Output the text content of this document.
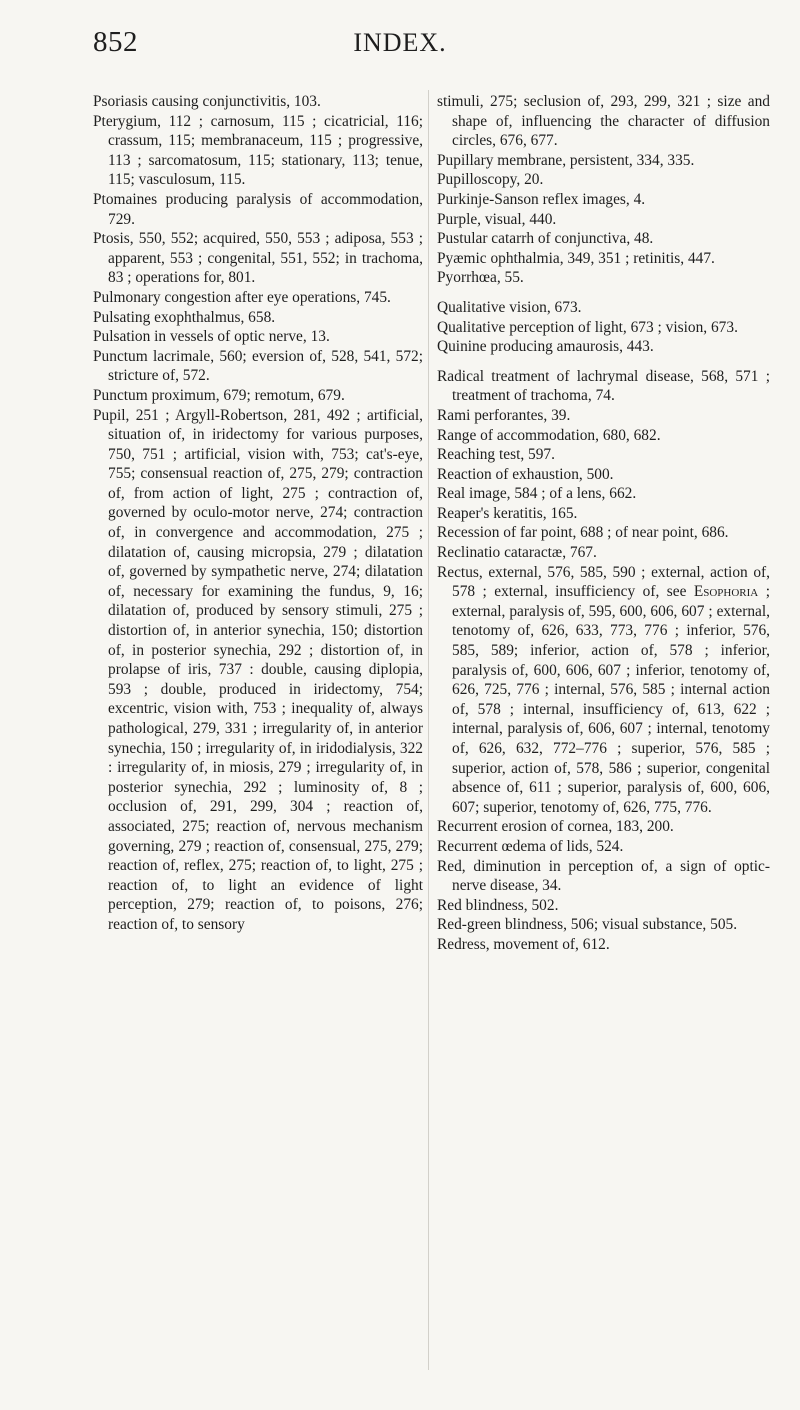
852	INDEX.
Psoriasis causing conjunctivitis, 103.
Pterygium, 112 ; carnosum, 115 ; cicatricial, 116; crassum, 115; membranaceum, 115 ; progressive, 113 ; sarcomatosum, 115; stationary, 113; tenue, 115; vasculosum, 115.
Ptomaines producing paralysis of accommodation, 729.
Ptosis, 550, 552; acquired, 550, 553 ; adiposa, 553 ; apparent, 553 ; congenital, 551, 552; in trachoma, 83 ; operations for, 801.
Pulmonary congestion after eye operations, 745.
Pulsating exophthalmus, 658.
Pulsation in vessels of optic nerve, 13.
Punctum lacrimale, 560; eversion of, 528, 541, 572; stricture of, 572.
Punctum proximum, 679; remotum, 679.
Pupil, 251 ; Argyll-Robertson, 281, 492 ; artificial, situation of, in iridectomy for various purposes, 750, 751 ; artificial, vision with, 753; cat's-eye, 755; consensual reaction of, 275, 279; contraction of, from action of light, 275 ; contraction of, governed by oculo-motor nerve, 274; contraction of, in convergence and accommodation, 275 ; dilatation of, causing micropsia, 279 ; dilatation of, governed by sympathetic nerve, 274; dilatation of, necessary for examining the fundus, 9, 16; dilatation of, produced by sensory stimuli, 275 ; distortion of, in anterior synechia, 150; distortion of, in posterior synechia, 292 ; distortion of, in prolapse of iris, 737 : double, causing diplopia, 593 ; double, produced in iridectomy, 754; excentric, vision with, 753 ; inequality of, always pathological, 279, 331 ; irregularity of, in anterior synechia, 150 ; irregularity of, in iridodialysis, 322 : irregularity of, in miosis, 279 ; irregularity of, in posterior synechia, 292 ; luminosity of, 8 ; occlusion of, 291, 299, 304 ; reaction of, associated, 275; reaction of, nervous mechanism governing, 279 ; reaction of, consensual, 275, 279; reaction of, reflex, 275; reaction of, to light, 275 ; reaction of, to light an evidence of light perception, 279; reaction of, to poisons, 276; reaction of, to sensory
stimuli, 275; seclusion of, 293, 299, 321 ; size and shape of, influencing the character of diffusion circles, 676, 677.
Pupillary membrane, persistent, 334, 335.
Pupilloscopy, 20.
Purkinje-Sanson reflex images, 4.
Purple, visual, 440.
Pustular catarrh of conjunctiva, 48.
Pyæmic ophthalmia, 349, 351 ; retinitis, 447.
Pyorrhœa, 55.
Qualitative vision, 673.
Qualitative perception of light, 673 ; vision, 673.
Quinine producing amaurosis, 443.
Radical treatment of lachrymal disease, 568, 571 ; treatment of trachoma, 74.
Rami perforantes, 39.
Range of accommodation, 680, 682.
Reaching test, 597.
Reaction of exhaustion, 500.
Real image, 584 ; of a lens, 662.
Reaper's keratitis, 165.
Recession of far point, 688 ; of near point, 686.
Reclinatio cataractæ, 767.
Rectus, external, 576, 585, 590 ; external, action of, 578 ; external, insufficiency of, see Esophoria ; external, paralysis of, 595, 600, 606, 607 ; external, tenotomy of, 626, 633, 773, 776 ; inferior, 576, 585, 589; inferior, action of, 578 ; inferior, paralysis of, 600, 606, 607 ; inferior, tenotomy of, 626, 725, 776 ; internal, 576, 585 ; internal action of, 578 ; internal, insufficiency of, 613, 622 ; internal, paralysis of, 606, 607 ; internal, tenotomy of, 626, 632, 772–776 ; superior, 576, 585 ; superior, action of, 578, 586 ; superior, congenital absence of, 611 ; superior, paralysis of, 600, 606, 607; superior, tenotomy of, 626, 775, 776.
Recurrent erosion of cornea, 183, 200.
Recurrent œdema of lids, 524.
Red, diminution in perception of, a sign of optic-nerve disease, 34.
Red blindness, 502.
Red-green blindness, 506; visual substance, 505.
Redress, movement of, 612.
